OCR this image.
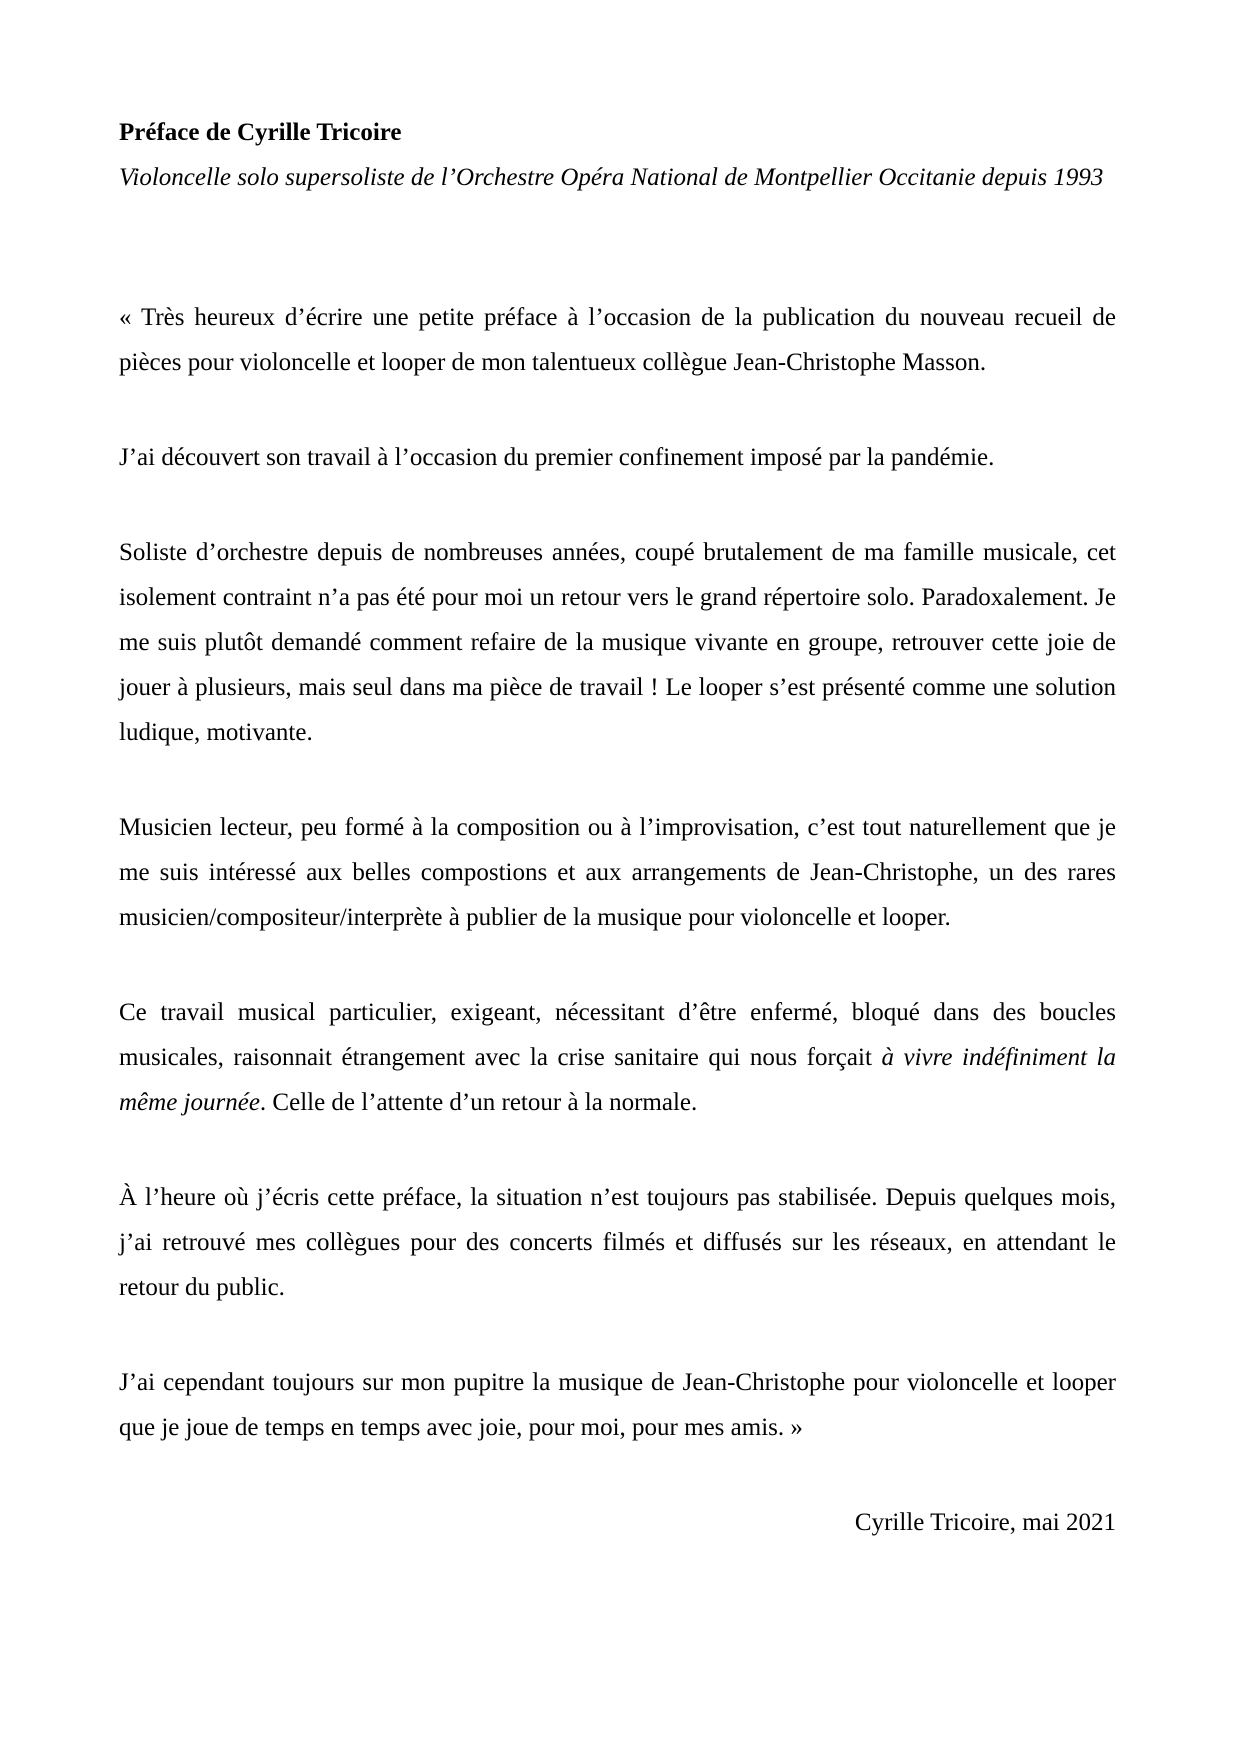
Préface de Cyrille Tricoire

Violoncelle solo supersoliste de l’Orchestre Opéra National de Montpellier Occitanie depuis 1993

« Très heureux d’écrire une petite préface à l’occasion de la publication du nouveau recueil de pièces pour violoncelle et looper de mon talentueux collègue Jean-Christophe Masson.

J’ai découvert son travail à l’occasion du premier confinement imposé par la pandémie.

Soliste d’orchestre depuis de nombreuses années, coupé brutalement de ma famille musicale, cet isolement contraint n’a pas été pour moi un retour vers le grand répertoire solo. Paradoxalement. Je me suis plutôt demandé comment refaire de la musique vivante en groupe, retrouver cette joie de jouer à plusieurs, mais seul dans ma pièce de travail ! Le looper s’est présenté comme une solution ludique, motivante.

Musicien lecteur, peu formé à la composition ou à l’improvisation, c’est tout naturellement que je me suis intéressé aux belles compostions et aux arrangements de Jean-Christophe, un des rares musicien/compositeur/interprète à publier de la musique pour violoncelle et looper.

Ce travail musical particulier, exigeant, nécessitant d’être enfermé, bloqué dans des boucles musicales, raisonnait étrangement avec la crise sanitaire qui nous forçait à vivre indéfiniment la même journée. Celle de l’attente d’un retour à la normale.

À l’heure où j’écris cette préface, la situation n’est toujours pas stabilisée. Depuis quelques mois, j’ai retrouvé mes collègues pour des concerts filmés et diffusés sur les réseaux, en attendant le retour du public.

J’ai cependant toujours sur mon pupitre la musique de Jean-Christophe pour violoncelle et looper que je joue de temps en temps avec joie, pour moi, pour mes amis. »

Cyrille Tricoire, mai 2021
